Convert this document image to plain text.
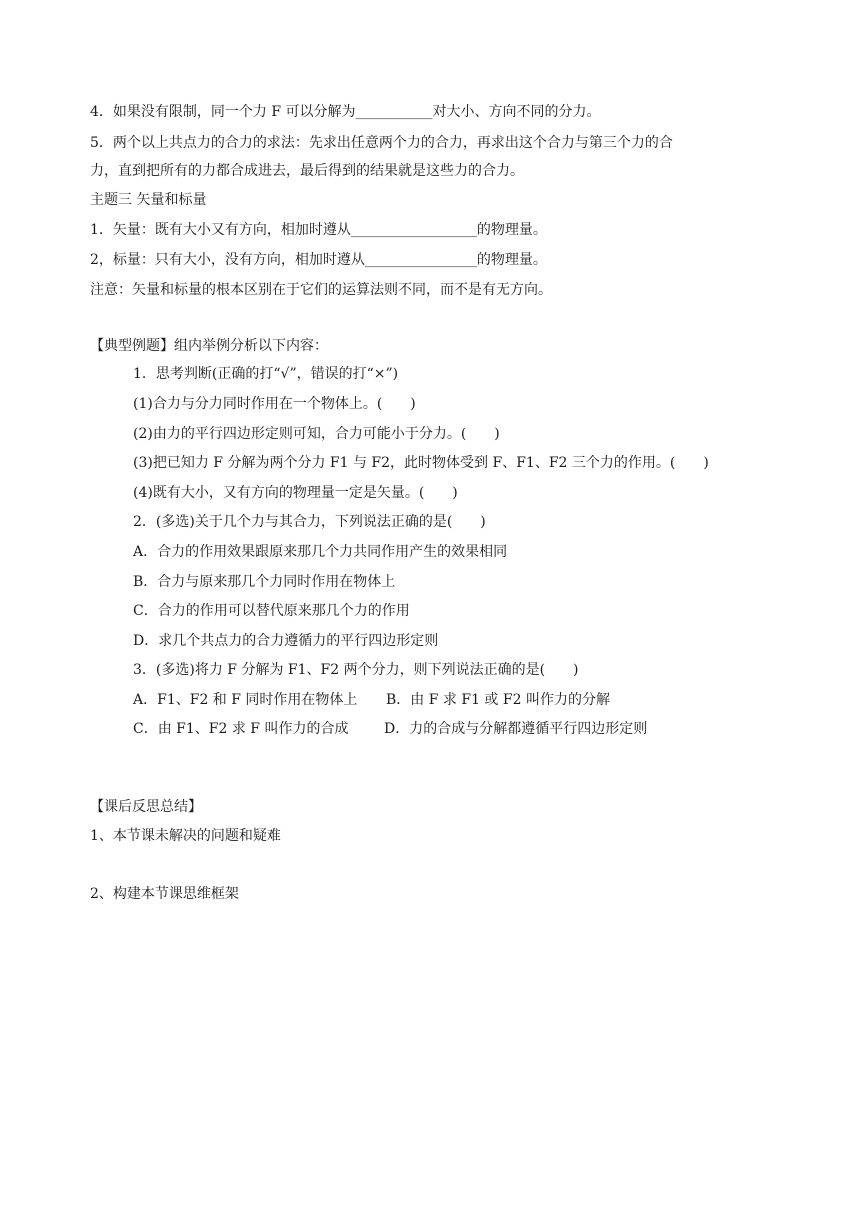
4．如果没有限制，同一个力 F 可以分解为___________对大小、方向不同的分力。
5．两个以上共点力的合力的求法：先求出任意两个力的合力，再求出这个合力与第三个力的合
力，直到把所有的力都合成进去，最后得到的结果就是这些力的合力。
主题三 矢量和标量
1．矢量：既有大小又有方向，相加时遵从__________________的物理量。
2，标量：只有大小，没有方向，相加时遵从________________的物理量。
注意：矢量和标量的根本区别在于它们的运算法则不同，而不是有无方向。
【典型例题】组内举例分析以下内容：
1．思考判断(正确的打“√”，错误的打“×”)
(1)合力与分力同时作用在一个物体上。(　　)
(2)由力的平行四边形定则可知，合力可能小于分力。(　　)
(3)把已知力 F 分解为两个分力 F1 与 F2，此时物体受到 F、F1、F2 三个力的作用。(　　)
(4)既有大小，又有方向的物理量一定是矢量。(　　)
2．(多选)关于几个力与其合力，下列说法正确的是(　　)
A．合力的作用效果跟原来那几个力共同作用产生的效果相同
B．合力与原来那几个力同时作用在物体上
C．合力的作用可以替代原来那几个力的作用
D．求几个共点力的合力遵循力的平行四边形定则
3．(多选)将力 F 分解为 F1、F2 两个分力，则下列说法正确的是(　　)
A．F1、F2 和 F 同时作用在物体上 B．由 F 求 F1 或 F2 叫作力的分解
C．由 F1、F2 求 F 叫作力的合成	D．力的合成与分解都遵循平行四边形定则
【课后反思总结】
1、本节课未解决的问题和疑难
2、构建本节课思维框架
